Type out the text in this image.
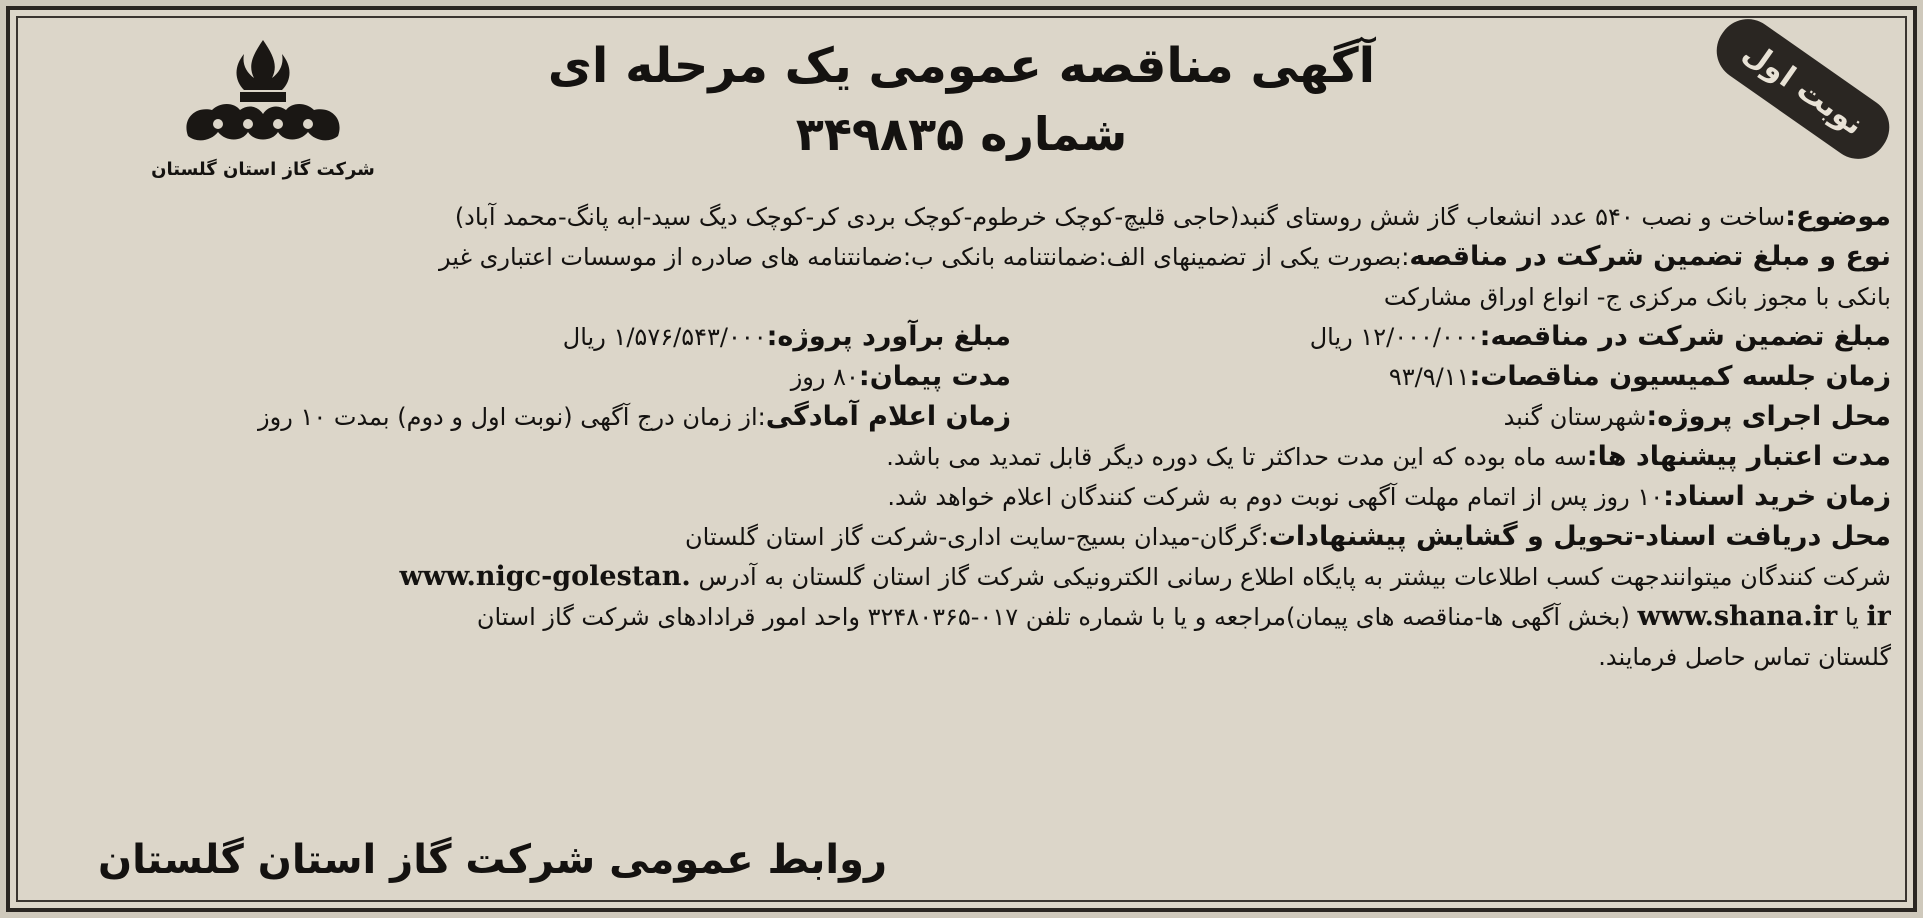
نوبت اول
آگهی مناقصه عمومی یک مرحله ای
شماره ۳۴۹۸۳۵
شرکت گاز استان گلستان
موضوع:ساخت و نصب ۵۴۰ عدد انشعاب گاز شش روستای گنبد(حاجی قلیچ-کوچک خرطوم-کوچک بردی کر-کوچک دیگ سید-ابه پانگ-محمد آباد)
نوع و مبلغ تضمین شرکت در مناقصه:بصورت یکی از تضمینهای الف:ضمانتنامه بانکی ب:ضمانتنامه های صادره از موسسات اعتباری غیر
بانکی با مجوز بانک مرکزی ج- انواع اوراق مشارکت
مبلغ تضمین شرکت در مناقصه:۱۲/۰۰۰/۰۰۰ ریال
مبلغ برآورد پروژه:۱/۵۷۶/۵۴۳/۰۰۰ ریال
زمان جلسه کمیسیون مناقصات:۹۳/۹/۱۱
مدت پیمان:۸۰ روز
محل اجرای پروژه:شهرستان گنبد
زمان اعلام آمادگی:از زمان درج آگهی (نوبت اول و دوم) بمدت ۱۰ روز
مدت اعتبار پیشنهاد ها:سه ماه بوده که این مدت حداکثر تا یک دوره دیگر قابل تمدید می باشد.
زمان خرید اسناد:۱۰ روز پس از اتمام مهلت آگهی نوبت دوم به شرکت کنندگان اعلام خواهد شد.
محل دریافت اسناد-تحویل و گشایش پیشنهادات:گرگان-میدان بسیج-سایت اداری-شرکت گاز استان گلستان
شرکت کنندگان میتوانندجهت کسب اطلاعات بیشتر به پایگاه اطلاع رسانی الکترونیکی شرکت گاز استان گلستان به آدرس www.nigc-golestan.
ir یا www.shana.ir (بخش آگهی ها-مناقصه های پیمان)مراجعه و یا با شماره تلفن ۰۱۷-۳۲۴۸۰۳۶۵ واحد امور قرادادهای شرکت گاز استان
گلستان تماس حاصل فرمایند.
روابط عمومی شرکت گاز استان گلستان
